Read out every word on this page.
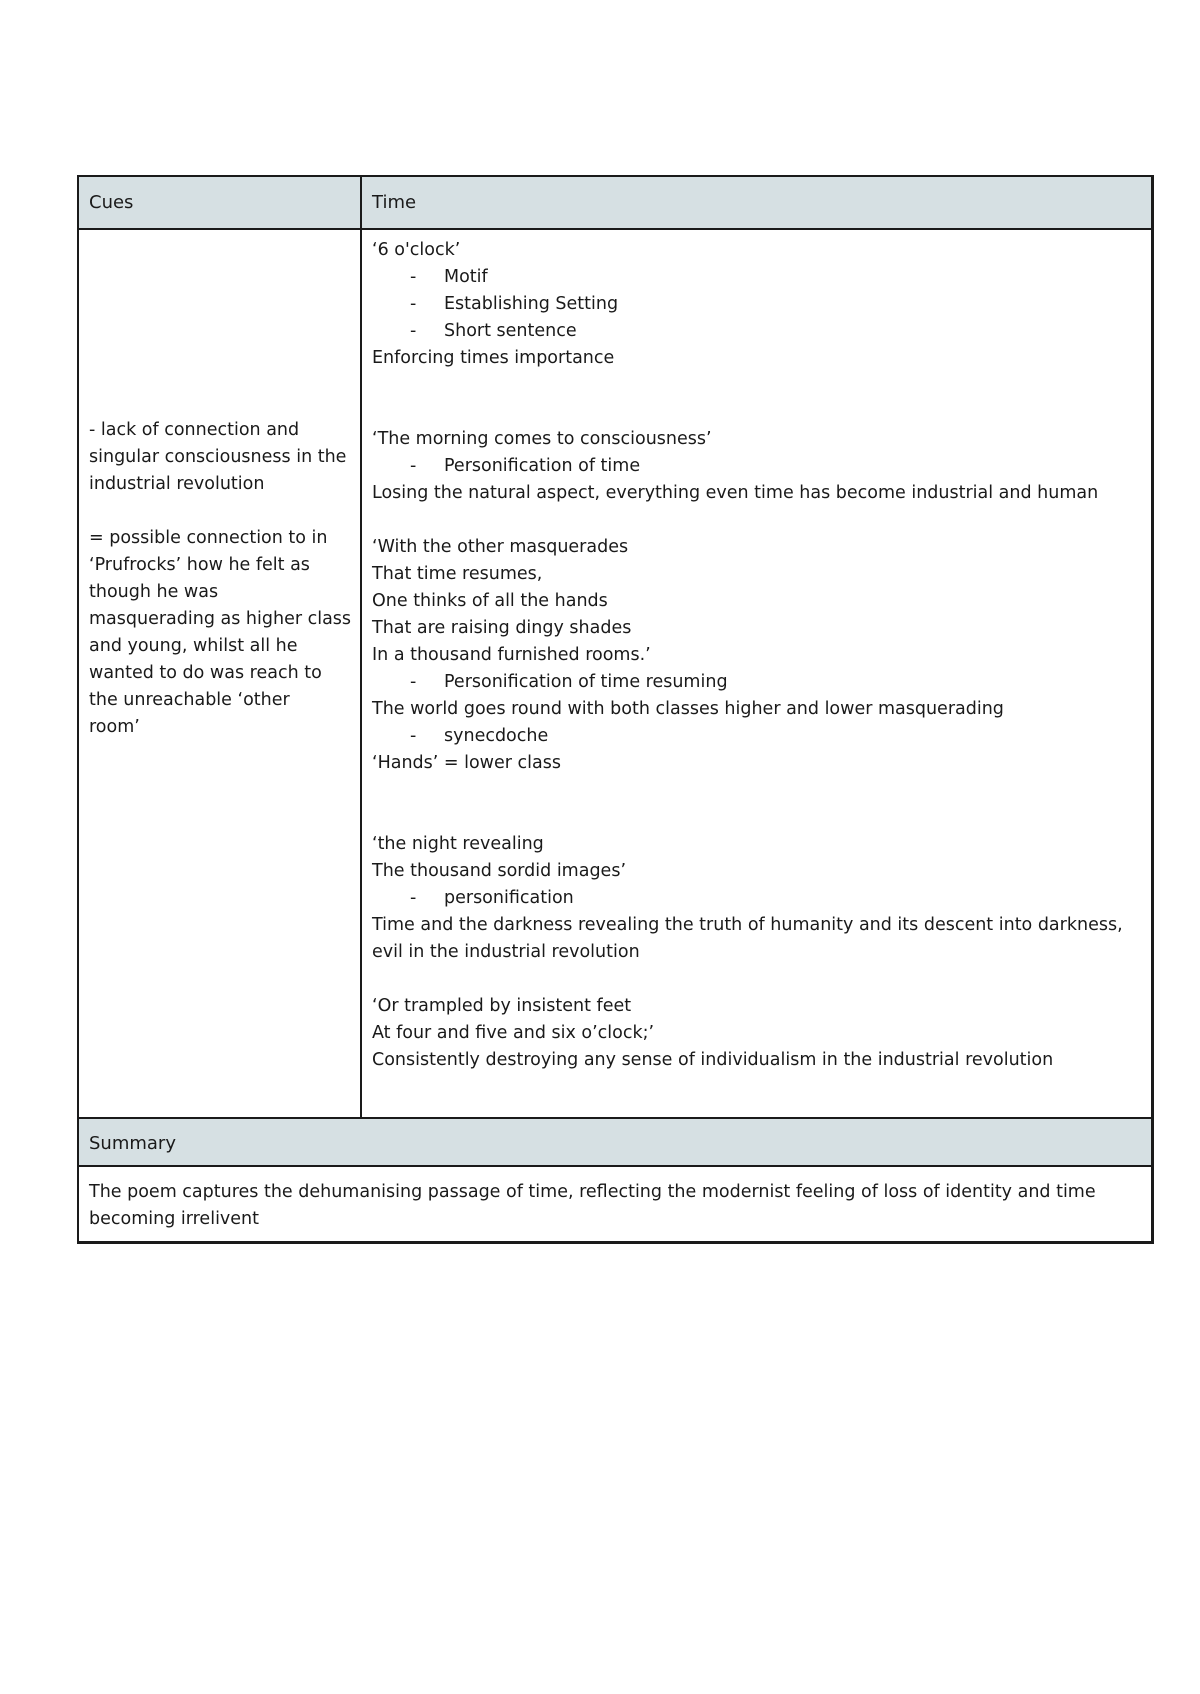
Cues	Time
- lack of connection and
singular consciousness in the
industrial revolution
= possible connection to in
‘Prufrocks’ how he felt as
though he was
masquerading as higher class
and young, whilst all he
wanted to do was reach to
the unreachable ‘other
room’
‘6 o'clock’
- Motif
- Establishing Setting
- Short sentence
Enforcing times importance
‘The morning comes to consciousness’
- Personification of time
Losing the natural aspect, everything even time has become industrial and human
‘With the other masquerades
That time resumes,
One thinks of all the hands
That are raising dingy shades
In a thousand furnished rooms.’
- Personification of time resuming
The world goes round with both classes higher and lower masquerading
- synecdoche
‘Hands’ = lower class
‘the night revealing
The thousand sordid images’
- personification
Time and the darkness revealing the truth of humanity and its descent into darkness,
evil in the industrial revolution
‘Or trampled by insistent feet
At four and five and six o’clock;’
Consistently destroying any sense of individualism in the industrial revolution
Summary
The poem captures the dehumanising passage of time, reflecting the modernist feeling of loss of identity and time becoming irrelivent
